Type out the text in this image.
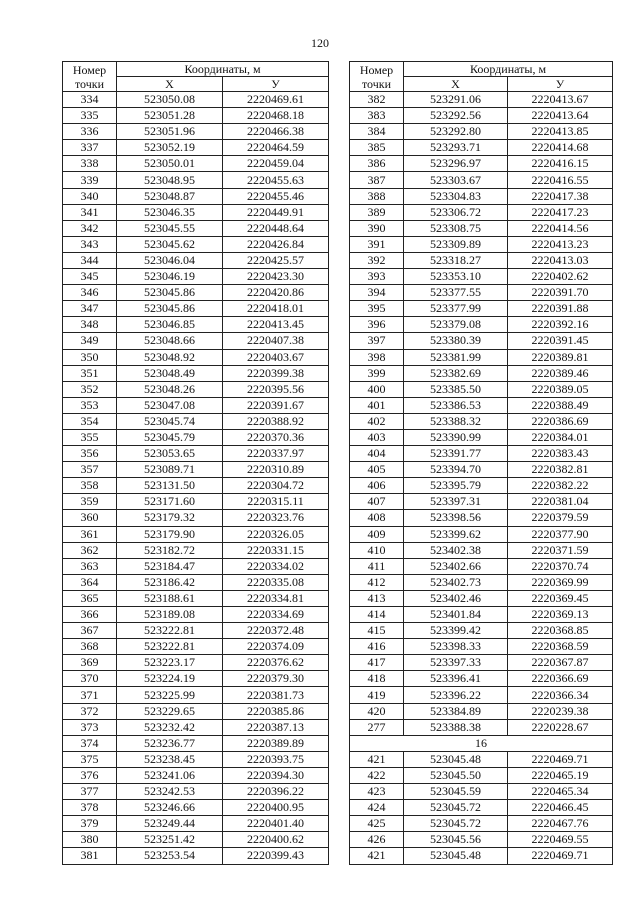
120
Номер
точки	Координаты, м	
	X	У
334	523050.08	2220469.61
335	523051.28	2220468.18
336	523051.96	2220466.38
337	523052.19	2220464.59
338	523050.01	2220459.04
339	523048.95	2220455.63
340	523048.87	2220455.46
341	523046.35	2220449.91
342	523045.55	2220448.64
343	523045.62	2220426.84
344	523046.04	2220425.57
345	523046.19	2220423.30
346	523045.86	2220420.86
347	523045.86	2220418.01
348	523046.85	2220413.45
349	523048.66	2220407.38
350	523048.92	2220403.67
351	523048.49	2220399.38
352	523048.26	2220395.56
353	523047.08	2220391.67
354	523045.74	2220388.92
355	523045.79	2220370.36
356	523053.65	2220337.97
357	523089.71	2220310.89
358	523131.50	2220304.72
359	523171.60	2220315.11
360	523179.32	2220323.76
361	523179.90	2220326.05
362	523182.72	2220331.15
363	523184.47	2220334.02
364	523186.42	2220335.08
365	523188.61	2220334.81
366	523189.08	2220334.69
367	523222.81	2220372.48
368	523222.81	2220374.09
369	523223.17	2220376.62
370	523224.19	2220379.30
371	523225.99	2220381.73
372	523229.65	2220385.86
373	523232.42	2220387.13
374	523236.77	2220389.89
375	523238.45	2220393.75
376	523241.06	2220394.30
377	523242.53	2220396.22
378	523246.66	2220400.95
379	523249.44	2220401.40
380	523251.42	2220400.62
381	523253.54	2220399.43
Номер
точки	Координаты, м	
	X	У
382	523291.06	2220413.67
383	523292.56	2220413.64
384	523292.80	2220413.85
385	523293.71	2220414.68
386	523296.97	2220416.15
387	523303.67	2220416.55
388	523304.83	2220417.38
389	523306.72	2220417.23
390	523308.75	2220414.56
391	523309.89	2220413.23
392	523318.27	2220413.03
393	523353.10	2220402.62
394	523377.55	2220391.70
395	523377.99	2220391.88
396	523379.08	2220392.16
397	523380.39	2220391.45
398	523381.99	2220389.81
399	523382.69	2220389.46
400	523385.50	2220389.05
401	523386.53	2220388.49
402	523388.32	2220386.69
403	523390.99	2220384.01
404	523391.77	2220383.43
405	523394.70	2220382.81
406	523395.79	2220382.22
407	523397.31	2220381.04
408	523398.56	2220379.59
409	523399.62	2220377.90
410	523402.38	2220371.59
411	523402.66	2220370.74
412	523402.73	2220369.99
413	523402.46	2220369.45
414	523401.84	2220369.13
415	523399.42	2220368.85
416	523398.33	2220368.59
417	523397.33	2220367.87
418	523396.41	2220366.69
419	523396.22	2220366.34
420	523384.89	2220239.38
277	523388.38	2220228.67
16		
421	523045.48	2220469.71
422	523045.50	2220465.19
423	523045.59	2220465.34
424	523045.72	2220466.45
425	523045.72	2220467.76
426	523045.56	2220469.55
421	523045.48	2220469.71
